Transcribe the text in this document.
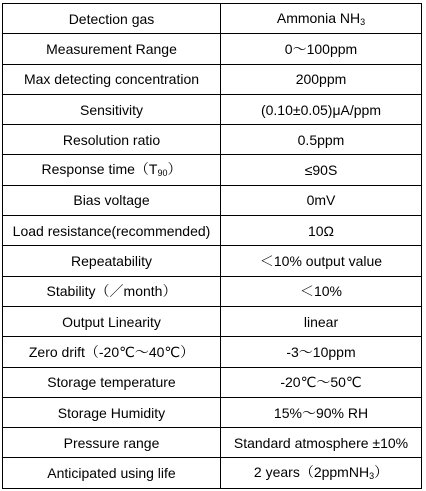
Detection gas	Ammonia $NH_3$
Measurement Range	0～100ppm
Max detecting concentration	200ppm
Sensitivity	(0.10±0.05)μA/ppm
Resolution ratio	0.5ppm
Response $time(T_{90})$	≤90S
Bias voltage	0mV
Load resistance(recommended)	10Ω
Repeatability	＜10% output value
Stability（／month）	＜10%
Output Linearity	linear
Zero drift（-20℃～40℃）	-3～10ppm
Storage temperature	-20℃～50℃
Storage Humidity	15%～90% RH
Pressure range	Standard atmosphere ±10%
Anticipated using life	2 years（2ppmNH$_3$）
